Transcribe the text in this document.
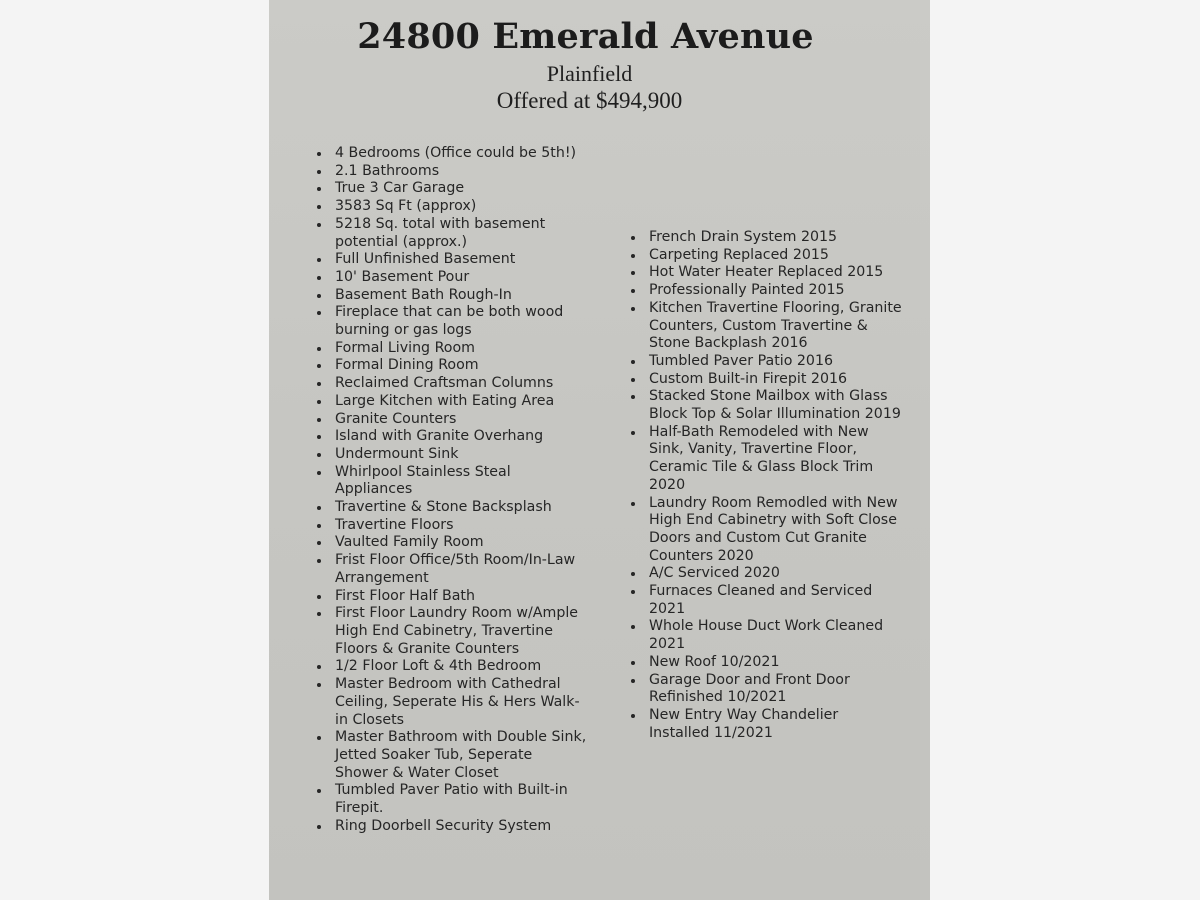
24800 Emerald Avenue
Plainfield
Offered at $494,900
4 Bedrooms (Office could be 5th!)
2.1 Bathrooms
True 3 Car Garage
3583 Sq Ft (approx)
5218 Sq. total with basement potential (approx.)
Full Unfinished Basement
10' Basement Pour
Basement Bath Rough-In
Fireplace that can be both wood burning or gas logs
Formal Living Room
Formal Dining Room
Reclaimed Craftsman Columns
Large Kitchen with Eating Area
Granite Counters
Island with Granite Overhang
Undermount Sink
Whirlpool Stainless Steal Appliances
Travertine & Stone Backsplash
Travertine Floors
Vaulted Family Room
Frist Floor Office/5th Room/In-Law Arrangement
First Floor Half Bath
First Floor Laundry Room w/Ample High End Cabinetry, Travertine Floors & Granite Counters
1/2 Floor Loft & 4th Bedroom
Master Bedroom with Cathedral Ceiling, Seperate His & Hers Walk-in Closets
Master Bathroom with Double Sink, Jetted Soaker Tub, Seperate Shower & Water Closet
Tumbled Paver Patio with Built-in Firepit.
Ring Doorbell Security System
French Drain System 2015
Carpeting Replaced 2015
Hot Water Heater Replaced 2015
Professionally Painted 2015
Kitchen Travertine Flooring, Granite Counters, Custom Travertine & Stone Backplash 2016
Tumbled Paver Patio 2016
Custom Built-in Firepit 2016
Stacked Stone Mailbox with Glass Block Top & Solar Illumination 2019
Half-Bath Remodeled with New Sink, Vanity, Travertine Floor, Ceramic Tile & Glass Block Trim 2020
Laundry Room Remodled with New High End Cabinetry with Soft Close Doors and Custom Cut Granite Counters 2020
A/C Serviced 2020
Furnaces Cleaned and Serviced 2021
Whole House Duct Work Cleaned 2021
New Roof 10/2021
Garage Door and Front Door Refinished 10/2021
New Entry Way Chandelier Installed 11/2021
